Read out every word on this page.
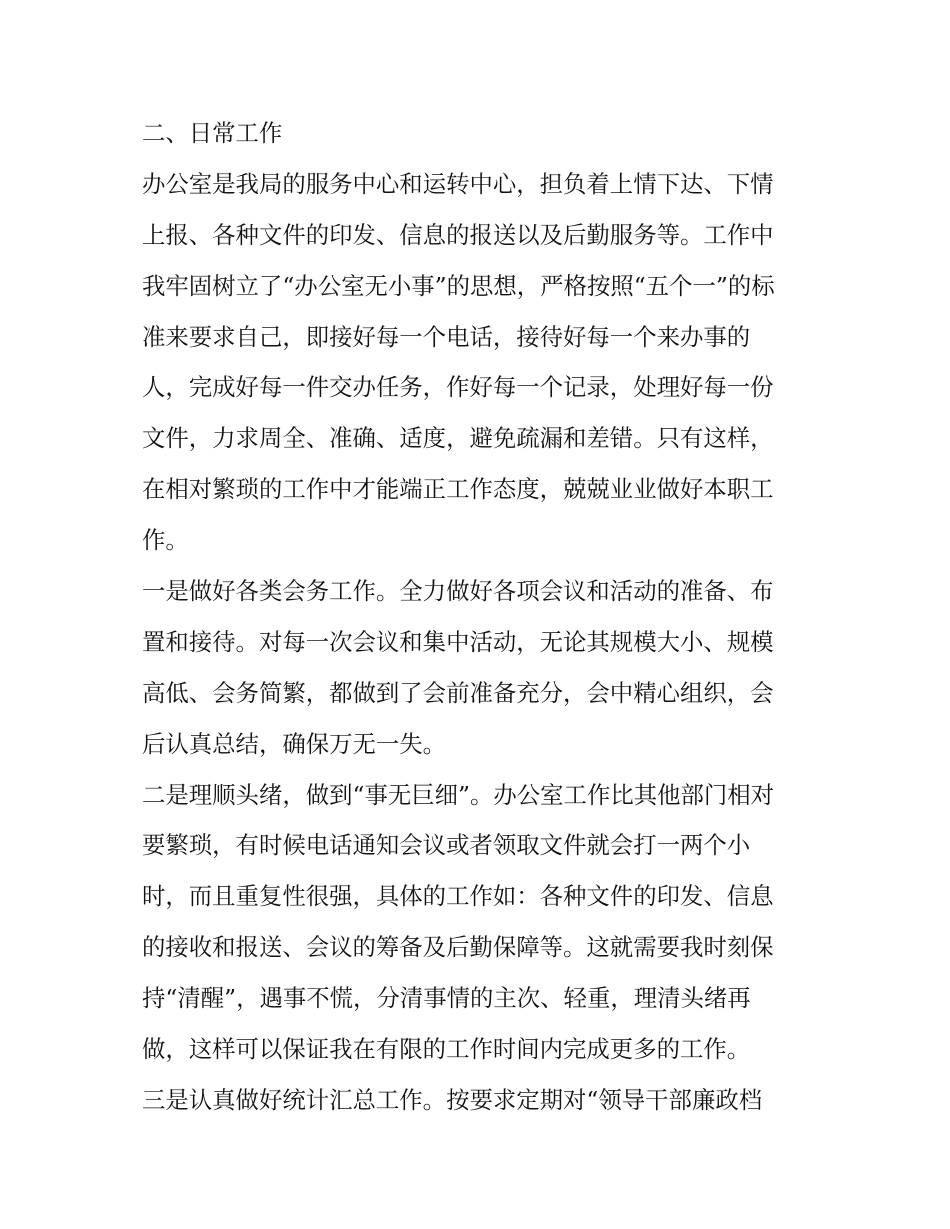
二、日常工作
办公室是我局的服务中心和运转中心，担负着上情下达、下情
上报、各种文件的印发、信息的报送以及后勤服务等。工作中
我牢固树立了“办公室无小事”的思想，严格按照“五个一”的标
准来要求自己，即接好每一个电话，接待好每一个来办事的
人，完成好每一件交办任务，作好每一个记录，处理好每一份
文件，力求周全、准确、适度，避免疏漏和差错。只有这样，
在相对繁琐的工作中才能端正工作态度，兢兢业业做好本职工
作。
一是做好各类会务工作。全力做好各项会议和活动的准备、布
置和接待。对每一次会议和集中活动，无论其规模大小、规模
高低、会务简繁，都做到了会前准备充分，会中精心组织，会
后认真总结，确保万无一失。
二是理顺头绪，做到“事无巨细”。办公室工作比其他部门相对
要繁琐，有时候电话通知会议或者领取文件就会打一两个小
时，而且重复性很强，具体的工作如：各种文件的印发、信息
的接收和报送、会议的筹备及后勤保障等。这就需要我时刻保
持“清醒”，遇事不慌，分清事情的主次、轻重，理清头绪再
做，这样可以保证我在有限的工作时间内完成更多的工作。
三是认真做好统计汇总工作。按要求定期对“领导干部廉政档
